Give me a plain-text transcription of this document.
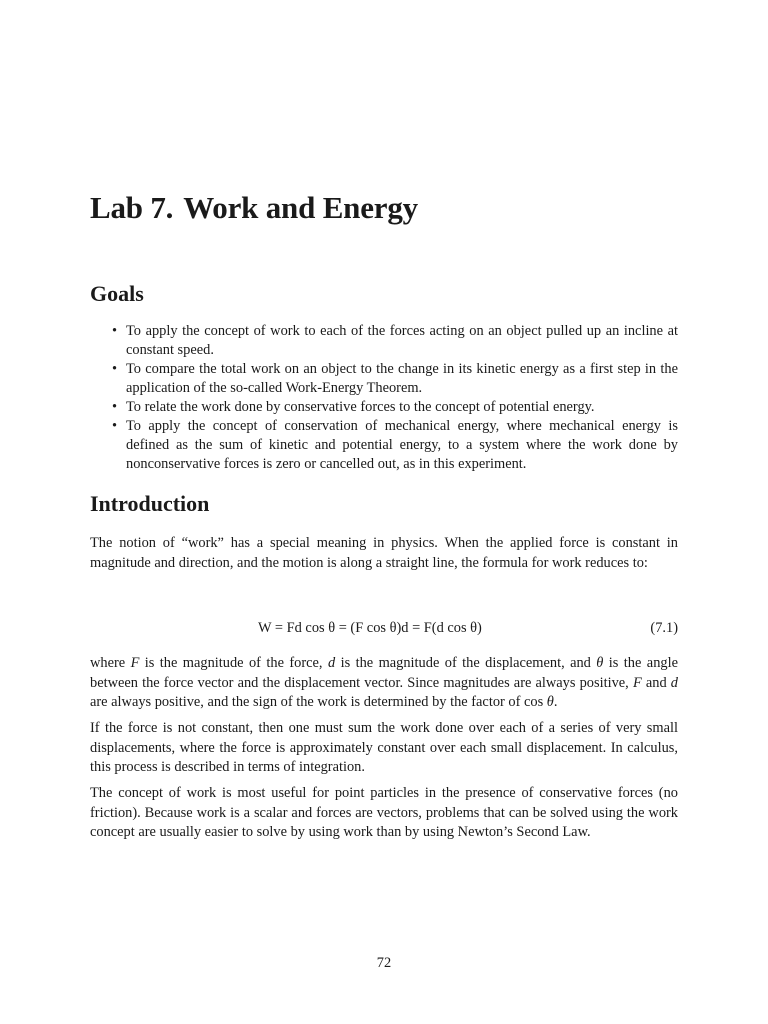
Lab 7. Work and Energy
Goals
• To apply the concept of work to each of the forces acting on an object pulled up an incline at constant speed.
• To compare the total work on an object to the change in its kinetic energy as a first step in the application of the so-called Work-Energy Theorem.
• To relate the work done by conservative forces to the concept of potential energy.
• To apply the concept of conservation of mechanical energy, where mechanical energy is defined as the sum of kinetic and potential energy, to a system where the work done by nonconservative forces is zero or cancelled out, as in this experiment.
Introduction

The notion of “work” has a special meaning in physics. When the applied force is constant in magnitude and direction, and the motion is along a straight line, the formula for work reduces to:

W = Fd cos θ = (F cos θ)d = F(d cos θ)	(7.1)

where F is the magnitude of the force, d is the magnitude of the displacement, and θ is the angle between the force vector and the displacement vector. Since magnitudes are always positive, F and d are always positive, and the sign of the work is determined by the factor of cos θ.

If the force is not constant, then one must sum the work done over each of a series of very small displacements, where the force is approximately constant over each small displacement. In calculus, this process is described in terms of integration.

The concept of work is most useful for point particles in the presence of conservative forces (no friction). Because work is a scalar and forces are vectors, problems that can be solved using the work concept are usually easier to solve by using work than by using Newton’s Second Law.

72
